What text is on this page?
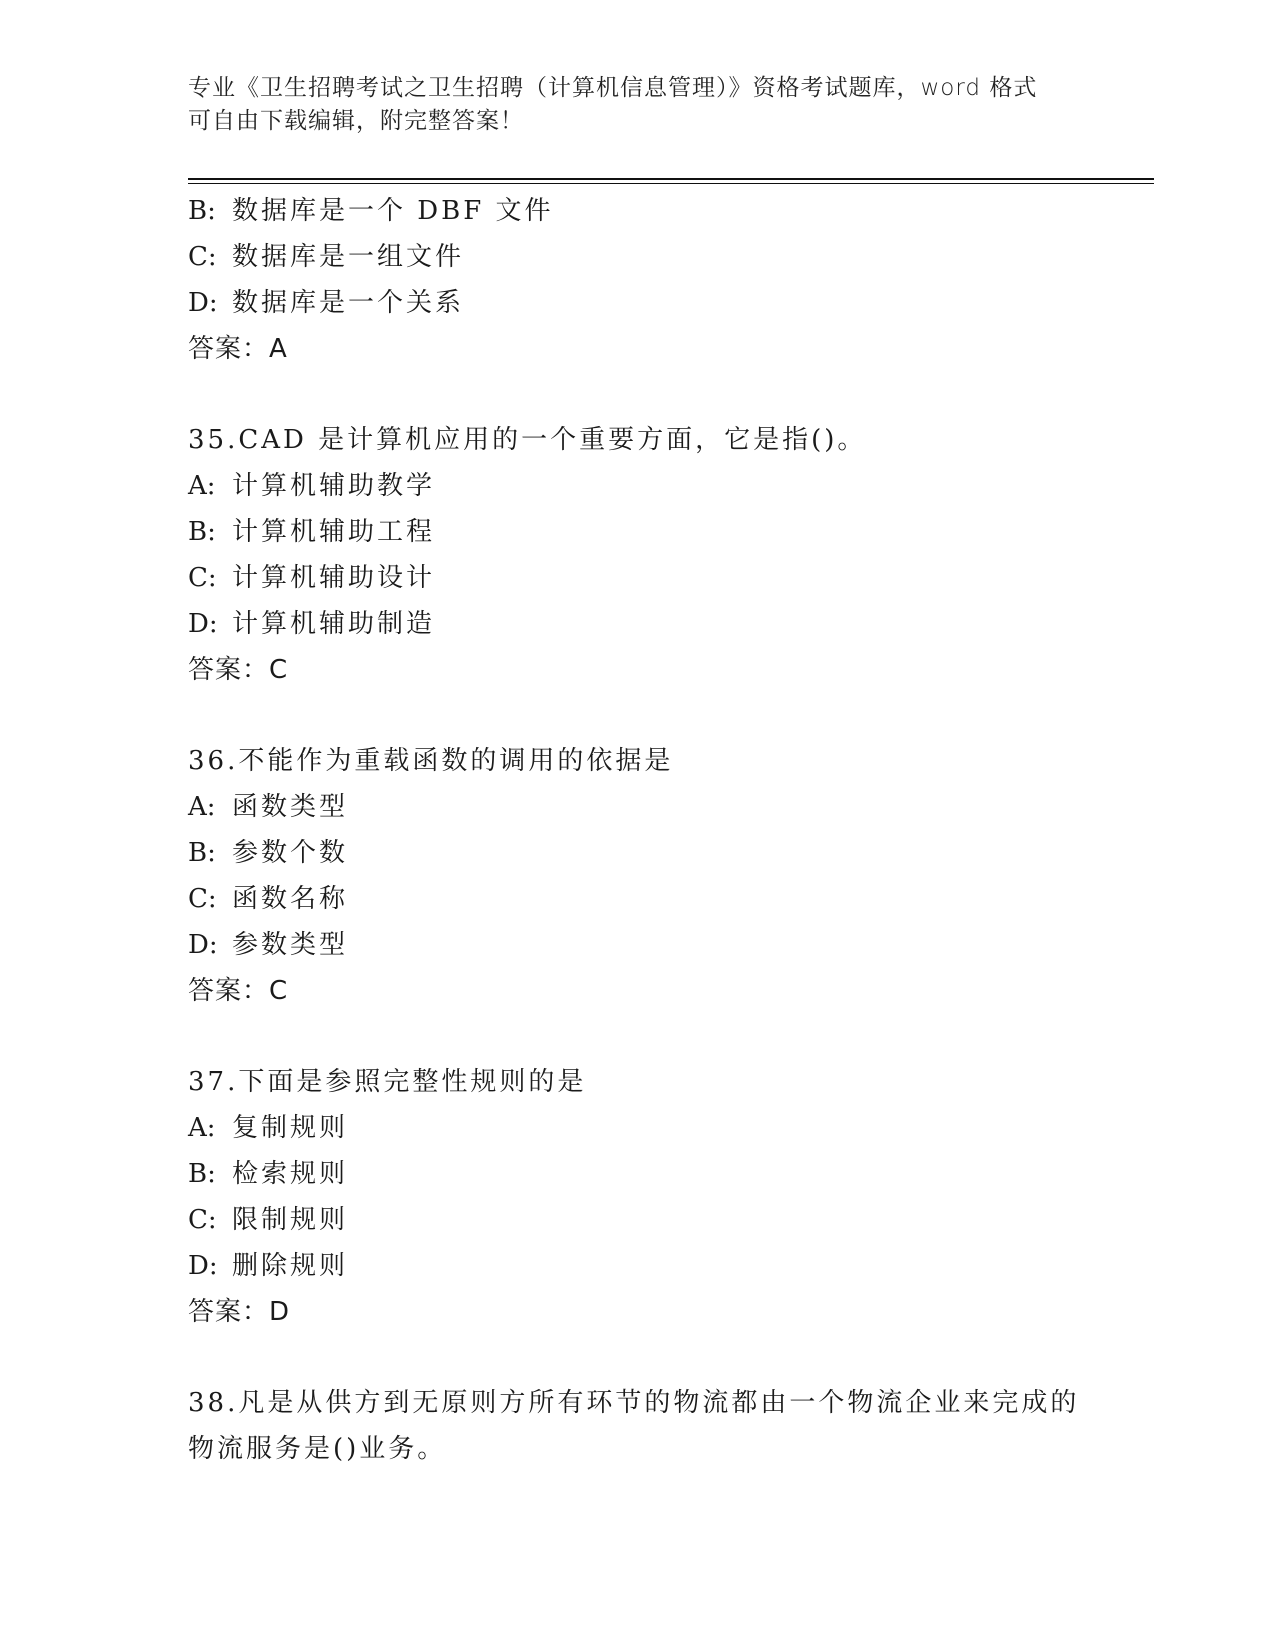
专业《卫生招聘考试之卫生招聘（计算机信息管理）》资格考试题库，word 格式
可自由下载编辑，附完整答案！
B: 数据库是一个 DBF 文件
C: 数据库是一组文件
D: 数据库是一个关系
答案：A
35.CAD 是计算机应用的一个重要方面，它是指()。
A: 计算机辅助教学
B: 计算机辅助工程
C: 计算机辅助设计
D: 计算机辅助制造
答案：C
36.不能作为重载函数的调用的依据是
A: 函数类型
B: 参数个数
C: 函数名称
D: 参数类型
答案：C
37.下面是参照完整性规则的是
A: 复制规则
B: 检索规则
C: 限制规则
D: 删除规则
答案：D
38.凡是从供方到无原则方所有环节的物流都由一个物流企业来完成的
物流服务是()业务。
